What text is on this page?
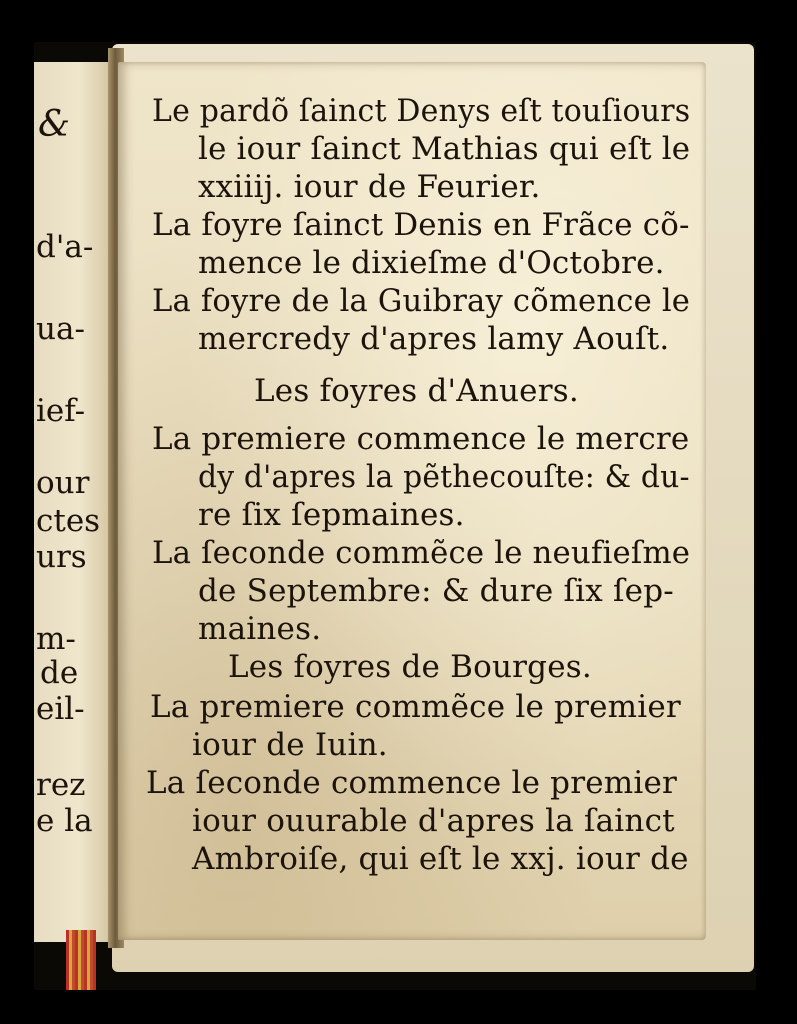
&
d'a-
ua-
ief-
our
ctes
urs
m-
de
eil-
rez
e la
Le pardõ ſainct Denys eſt touſiours
le iour ſainct Mathias qui eſt le
xxiiij. iour de Feurier.
La foyre ſainct Denis en Frãce cõ-
mence le dixieſme d'Octobre.
La foyre de la Guibray cõmence le
mercredy d'apres lamy Aouſt.
Les foyres d'Anuers.
La premiere commence le mercre
dy d'apres la pẽthecouſte: & du-
re ſix ſepmaines.
La ſeconde commẽce le neufieſme
de Septembre: & dure ſix ſep-
maines.
Les foyres de Bourges.
La premiere commẽce le premier
iour de Iuin.
La ſeconde commence le premier
iour ouurable d'apres la ſainct
Ambroiſe, qui eſt le xxj. iour de
